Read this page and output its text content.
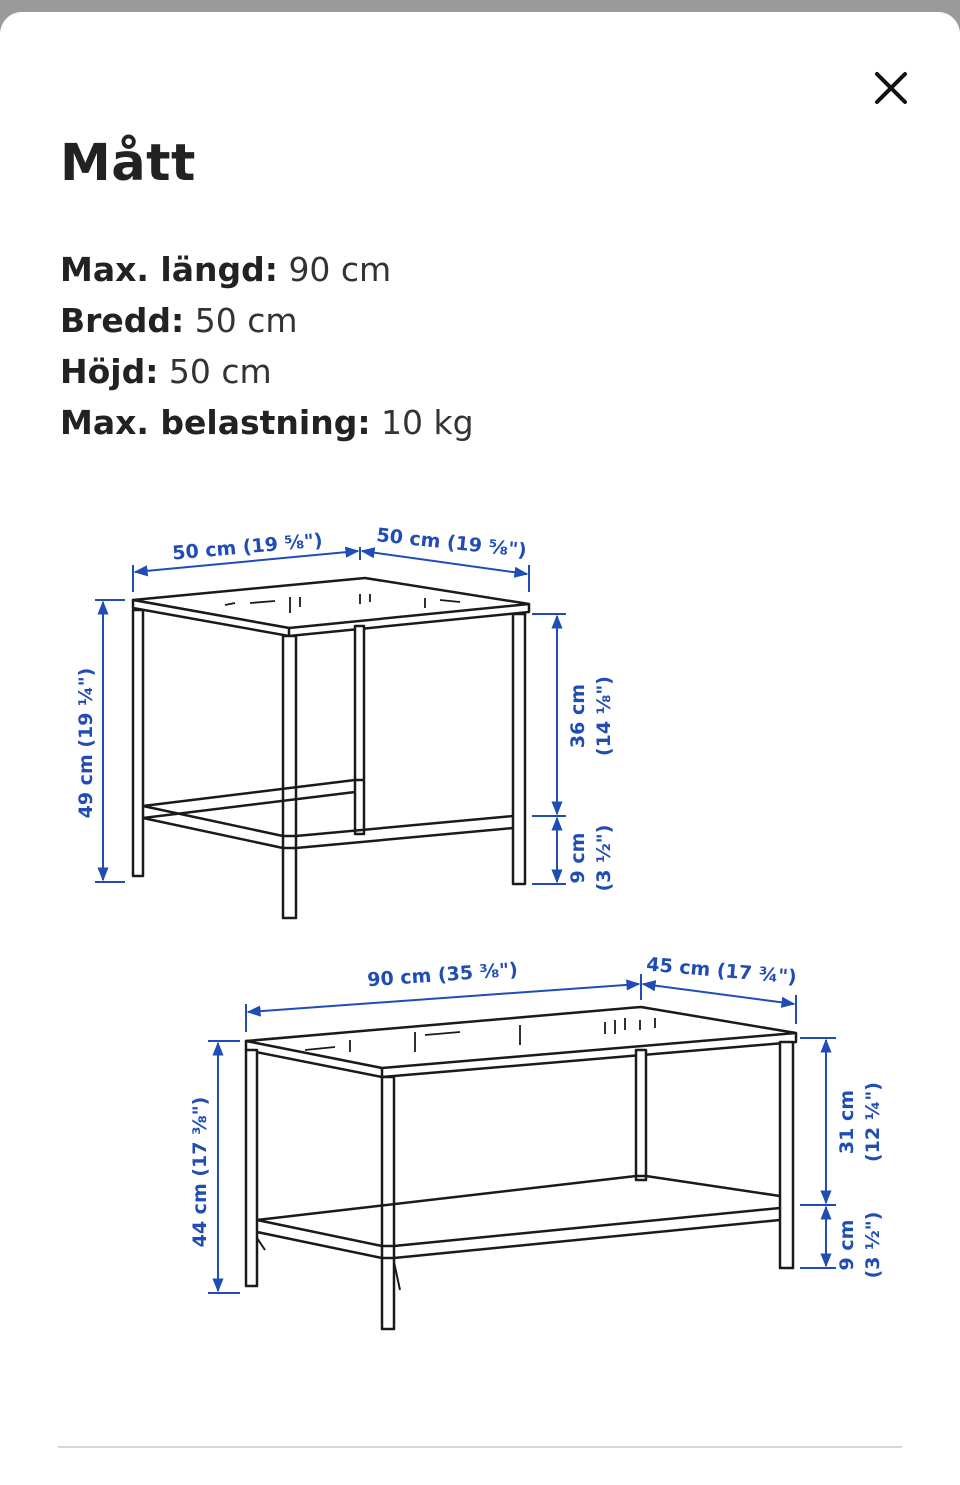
Mått
Max. längd: 90 cm
Bredd: 50 cm
Höjd: 50 cm
Max. belastning: 10 kg
50 cm (19 ⅝")	50 cm (19 ⅝")
49 cm (19 ¼")	36 cm (14 ⅛")
9 cm (3 ½")
90 cm (35 ⅜")	45 cm (17 ¾")
44 cm (17 ⅜")	31 cm (12 ¼")
9 cm (3 ½")
